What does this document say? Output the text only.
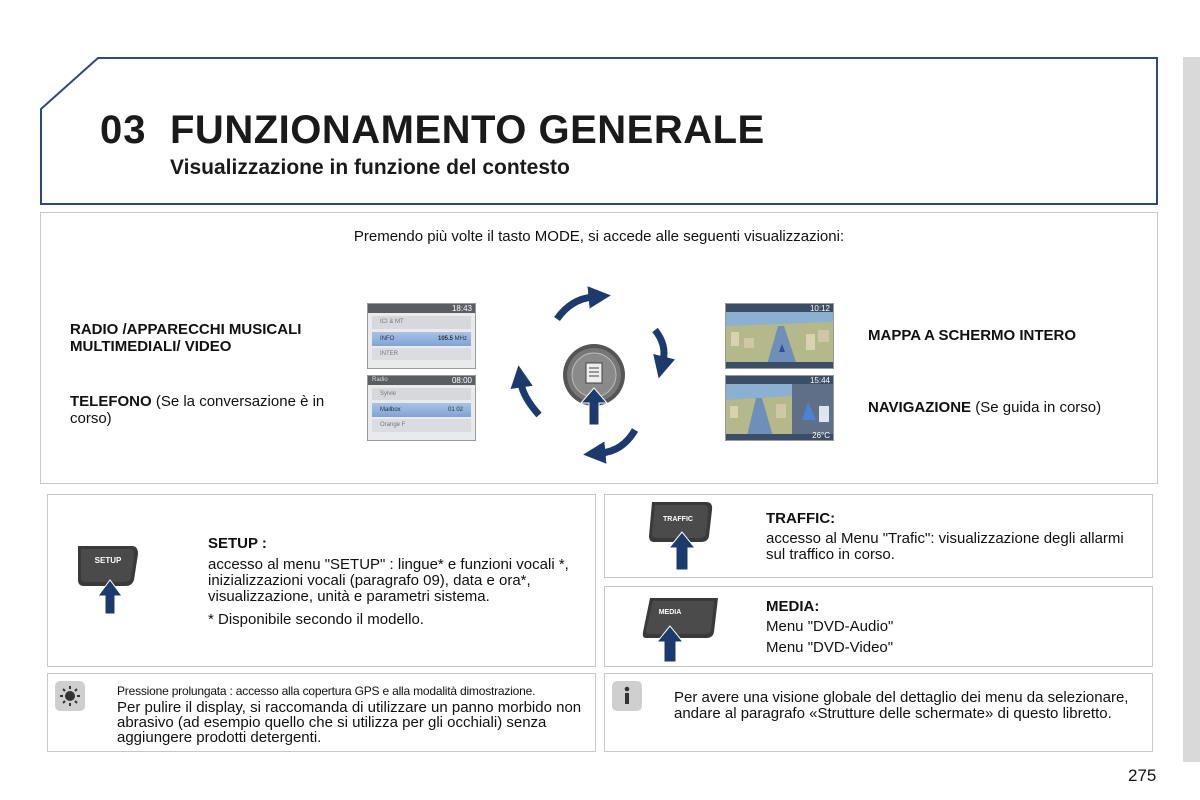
03 FUNZIONAMENTO GENERALE
Visualizzazione in funzione del contesto
Premendo più volte il tasto MODE, si accede alle seguenti visualizzazioni:
RADIO /APPARECCHI MUSICALI MULTIMEDIALI/ VIDEO
TELEFONO (Se la conversazione è in corso)
MAPPA A SCHERMO INTERO
NAVIGAZIONE (Se guida in corso)
18:43
ICI & MT
INFO	105.5 MHz
INTER
Radio	08:00
Sylvie
Mailbox	01 02
Orange F
10:12
15:44
26°C
SETUP
SETUP :
accesso al menu "SETUP" : lingue* e funzioni vocali *, inizializzazioni vocali (paragrafo 09), data e ora*, visualizzazione, unità e parametri sistema.
* Disponibile secondo il modello.
TRAFFIC	TRAFFIC:
accesso al Menu "Trafic": visualizzazione degli allarmi sul traffico in corso.
MEDIA	MEDIA:
Menu "DVD-Audio"
Menu "DVD-Video"
Pressione prolungata : accesso alla copertura GPS e alla modalità dimostrazione.
Per pulire il display, si raccomanda di utilizzare un panno morbido non abrasivo (ad esempio quello che si utilizza per gli occhiali) senza aggiungere prodotti detergenti.
Per avere una visione globale del dettaglio dei menu da selezionare, andare al paragrafo «Strutture delle schermate» di questo libretto.
275
